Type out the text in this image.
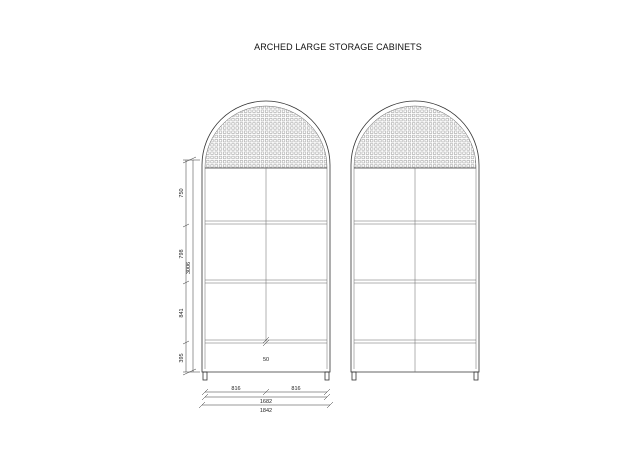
ARCHED LARGE STORAGE CABINETS
750
798
841
395
3006
50
816	816
1682
1842
